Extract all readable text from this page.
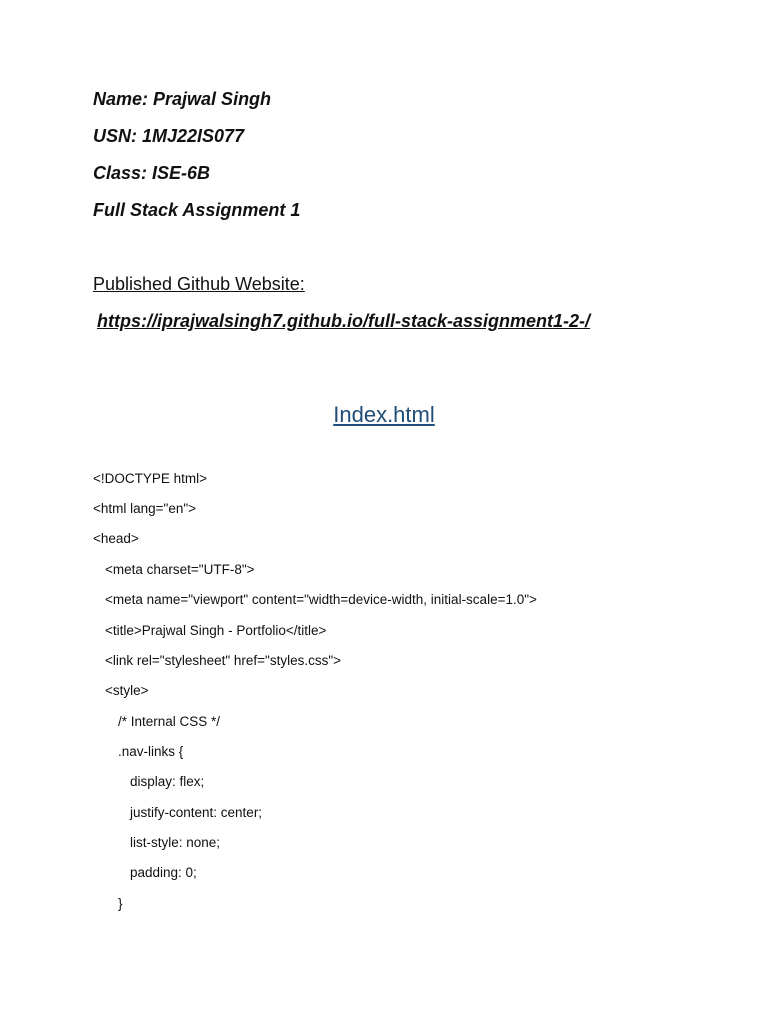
Name: Prajwal Singh
USN: 1MJ22IS077
Class: ISE-6B
Full Stack Assignment 1
Published Github Website:
https://iprajwalsingh7.github.io/full-stack-assignment1-2-/
Index.html
<!DOCTYPE html>
<html lang="en">
<head>
<meta charset="UTF-8">
<meta name="viewport" content="width=device-width, initial-scale=1.0">
<title>Prajwal Singh - Portfolio</title>
<link rel="stylesheet" href="styles.css">
<style>
/* Internal CSS */
.nav-links {
display: flex;
justify-content: center;
list-style: none;
padding: 0;
}
